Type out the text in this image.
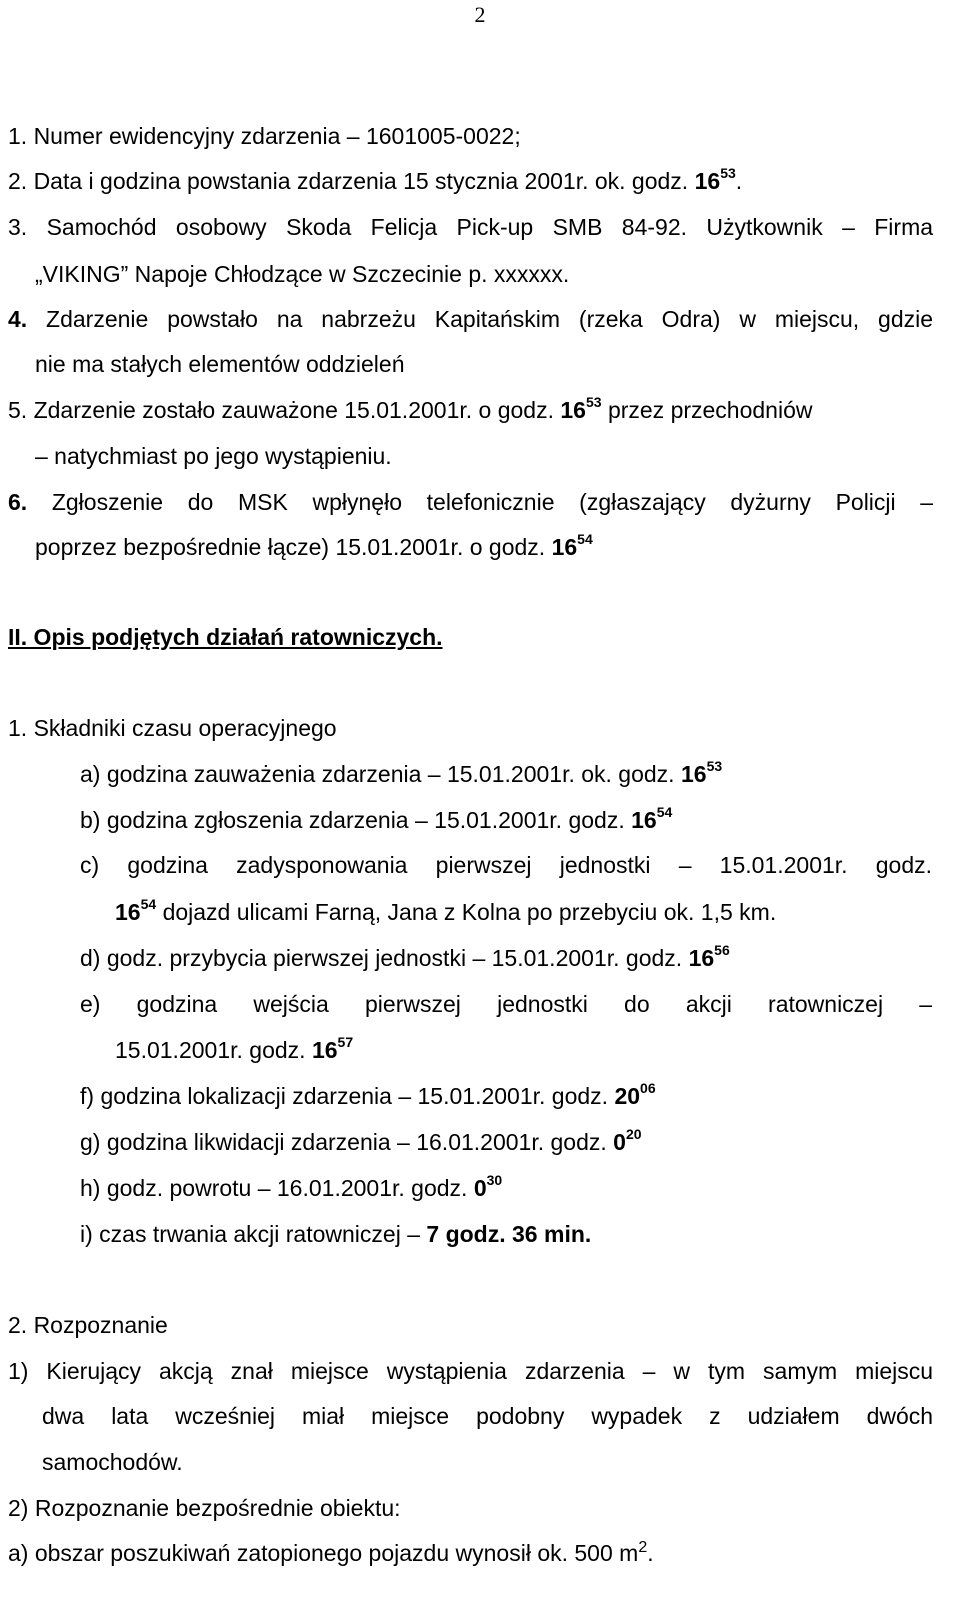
2
1. Numer ewidencyjny zdarzenia – 1601005-0022;
2. Data i godzina powstania zdarzenia 15 stycznia 2001r. ok. godz. $16^{53}$.
3. Samochód osobowy Skoda Felicja Pick-up SMB 84-92. Użytkownik – Firma
„VIKING” Napoje Chłodzące w Szczecinie p. xxxxxx.
4. Zdarzenie powstało na nabrzeżu Kapitańskim (rzeka Odra) w miejscu, gdzie
nie ma stałych elementów oddzieleń
5. Zdarzenie zostało zauważone 15.01.2001r. o godz. $16^{53}$ przez przechodniów
– natychmiast po jego wystąpieniu.
6. Zgłoszenie do MSK wpłynęło telefonicznie (zgłaszający dyżurny Policji –
poprzez bezpośrednie łącze) 15.01.2001r. o godz. $16^{54}$
II. Opis podjętych działań ratowniczych.
1. Składniki czasu operacyjnego
a) godzina zauważenia zdarzenia – 15.01.2001r. ok. godz. $16^{53}$
b) godzina zgłoszenia zdarzenia – 15.01.2001r. godz. $16^{54}$
c) godzina zadysponowania pierwszej jednostki – 15.01.2001r. godz.
$16^{54}$ dojazd ulicami Farną, Jana z Kolna po przebyciu ok. 1,5 km.
d) godz. przybycia pierwszej jednostki – 15.01.2001r. godz. $16^{56}$
e) godzina wejścia pierwszej jednostki do akcji ratowniczej –
15.01.2001r. godz. $16^{57}$
f) godzina lokalizacji zdarzenia – 15.01.2001r. godz. $20^{06}$
g) godzina likwidacji zdarzenia – 16.01.2001r. godz. $0^{20}$
h) godz. powrotu – 16.01.2001r. godz. $0^{30}$
i) czas trwania akcji ratowniczej – 7 godz. 36 min.
2. Rozpoznanie
1) Kierujący akcją znał miejsce wystąpienia zdarzenia – w tym samym miejscu
dwa lata wcześniej miał miejsce podobny wypadek z udziałem dwóch
samochodów.
2) Rozpoznanie bezpośrednie obiektu:
a) obszar poszukiwań zatopionego pojazdu wynosił ok. 500 $m^2$.
